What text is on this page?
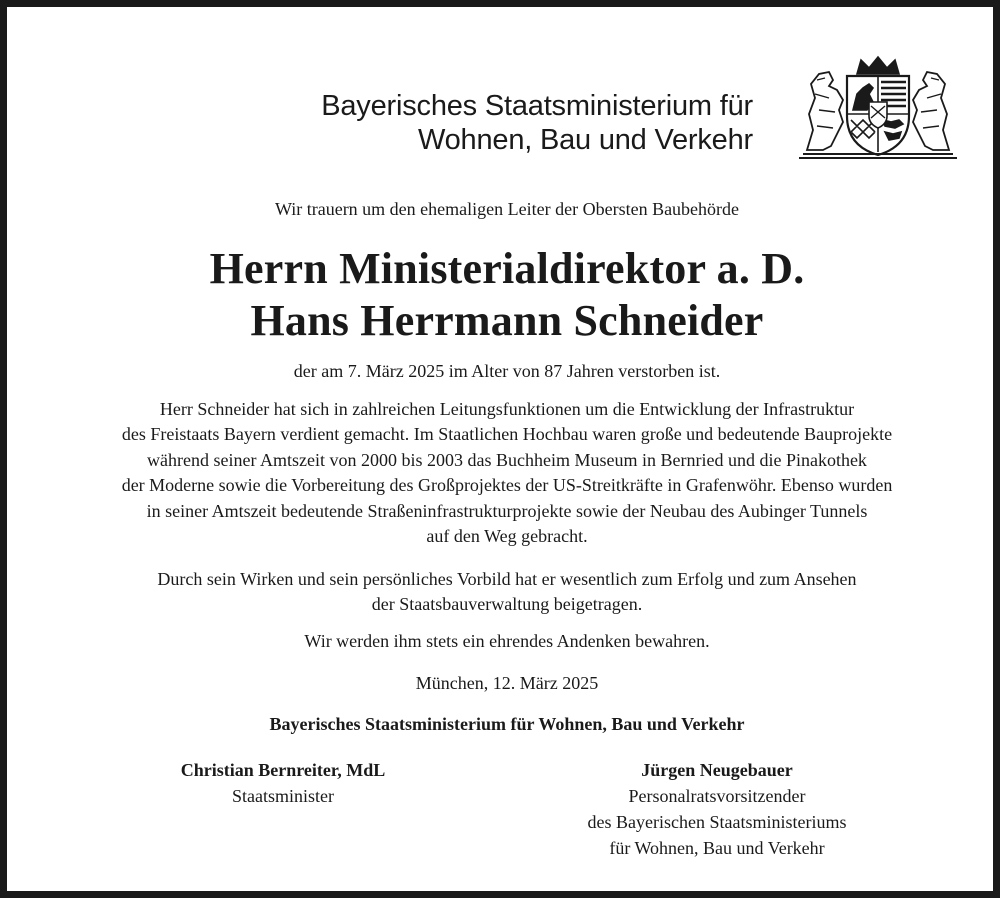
Bayerisches Staatsministerium für
Wohnen, Bau und Verkehr
Wir trauern um den ehemaligen Leiter der Obersten Baubehörde
Herrn Ministerialdirektor a. D.
Hans Herrmann Schneider
der am 7. März 2025 im Alter von 87 Jahren verstorben ist.
Herr Schneider hat sich in zahlreichen Leitungsfunktionen um die Entwicklung der Infrastruktur
des Freistaats Bayern verdient gemacht. Im Staatlichen Hochbau waren große und bedeutende Bauprojekte
während seiner Amtszeit von 2000 bis 2003 das Buchheim Museum in Bernried und die Pinakothek
der Moderne sowie die Vorbereitung des Großprojektes der US-Streitkräfte in Grafenwöhr. Ebenso wurden
in seiner Amtszeit bedeutende Straßeninfrastrukturprojekte sowie der Neubau des Aubinger Tunnels
auf den Weg gebracht.
Durch sein Wirken und sein persönliches Vorbild hat er wesentlich zum Erfolg und zum Ansehen
der Staatsbauverwaltung beigetragen.
Wir werden ihm stets ein ehrendes Andenken bewahren.
München, 12. März 2025
Bayerisches Staatsministerium für Wohnen, Bau und Verkehr
Christian Bernreiter, MdL
Staatsminister
Jürgen Neugebauer
Personalratsvorsitzender
des Bayerischen Staatsministeriums
für Wohnen, Bau und Verkehr
